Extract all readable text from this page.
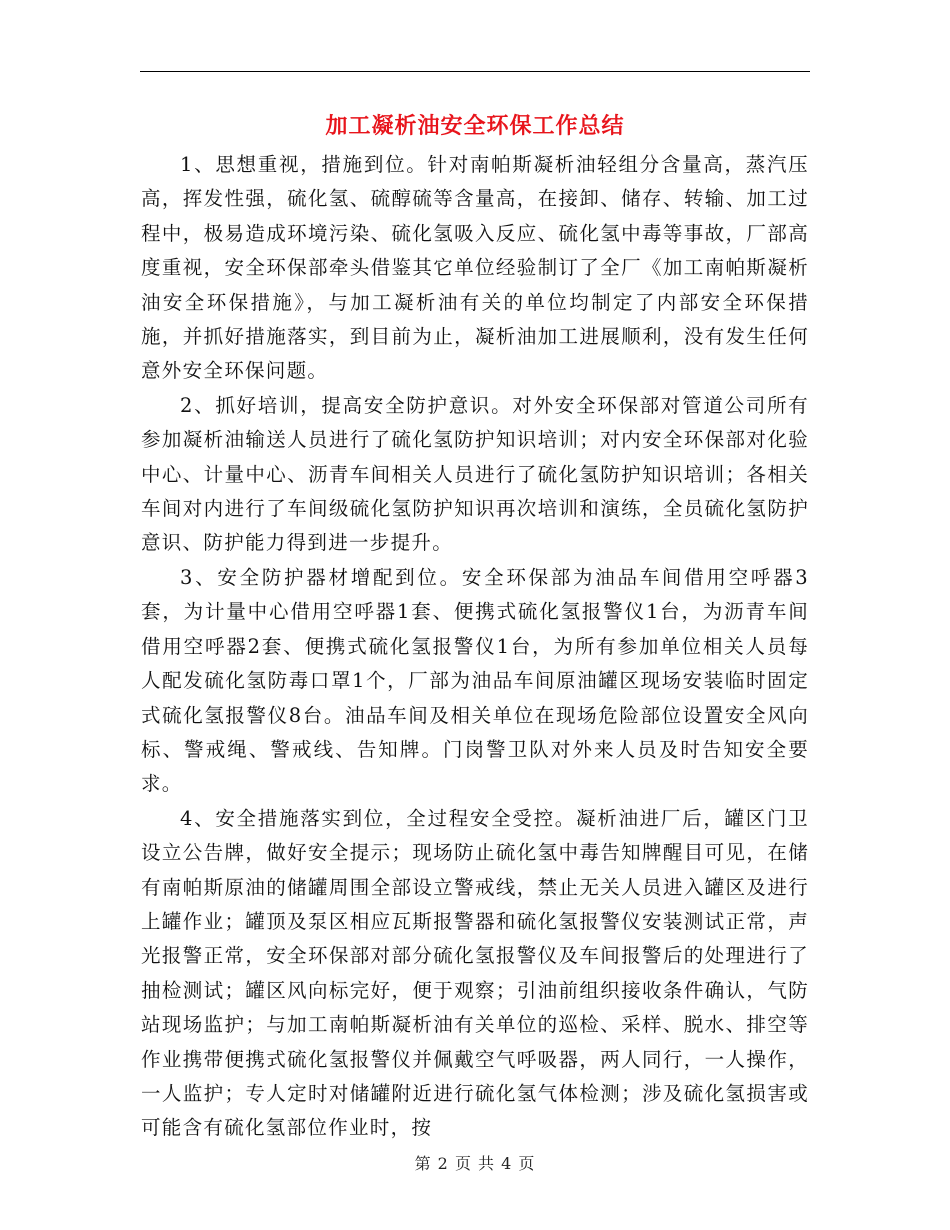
加工凝析油安全环保工作总结

1、思想重视，措施到位。针对南帕斯凝析油轻组分含量高，蒸汽压高，挥发性强，硫化氢、硫醇硫等含量高，在接卸、储存、转输、加工过程中，极易造成环境污染、硫化氢吸入反应、硫化氢中毒等事故，厂部高度重视，安全环保部牵头借鉴其它单位经验制订了全厂《加工南帕斯凝析油安全环保措施》，与加工凝析油有关的单位均制定了内部安全环保措施，并抓好措施落实，到目前为止，凝析油加工进展顺利，没有发生任何意外安全环保问题。

2、抓好培训，提高安全防护意识。对外安全环保部对管道公司所有参加凝析油输送人员进行了硫化氢防护知识培训；对内安全环保部对化验中心、计量中心、沥青车间相关人员进行了硫化氢防护知识培训；各相关车间对内进行了车间级硫化氢防护知识再次培训和演练，全员硫化氢防护意识、防护能力得到进一步提升。

3、安全防护器材增配到位。安全环保部为油品车间借用空呼器3套，为计量中心借用空呼器1套、便携式硫化氢报警仪1台，为沥青车间借用空呼器2套、便携式硫化氢报警仪1台，为所有参加单位相关人员每人配发硫化氢防毒口罩1个，厂部为油品车间原油罐区现场安装临时固定式硫化氢报警仪8台。油品车间及相关单位在现场危险部位设置安全风向标、警戒绳、警戒线、告知牌。门岗警卫队对外来人员及时告知安全要求。

4、安全措施落实到位，全过程安全受控。凝析油进厂后，罐区门卫设立公告牌，做好安全提示；现场防止硫化氢中毒告知牌醒目可见，在储有南帕斯原油的储罐周围全部设立警戒线，禁止无关人员进入罐区及进行上罐作业；罐顶及泵区相应瓦斯报警器和硫化氢报警仪安装测试正常，声光报警正常，安全环保部对部分硫化氢报警仪及车间报警后的处理进行了抽检测试；罐区风向标完好，便于观察；引油前组织接收条件确认，气防站现场监护；与加工南帕斯凝析油有关单位的巡检、采样、脱水、排空等作业携带便携式硫化氢报警仪并佩戴空气呼吸器，两人同行，一人操作，一人监护；专人定时对储罐附近进行硫化氢气体检测；涉及硫化氢损害或可能含有硫化氢部位作业时，按

第 2 页 共 4 页
